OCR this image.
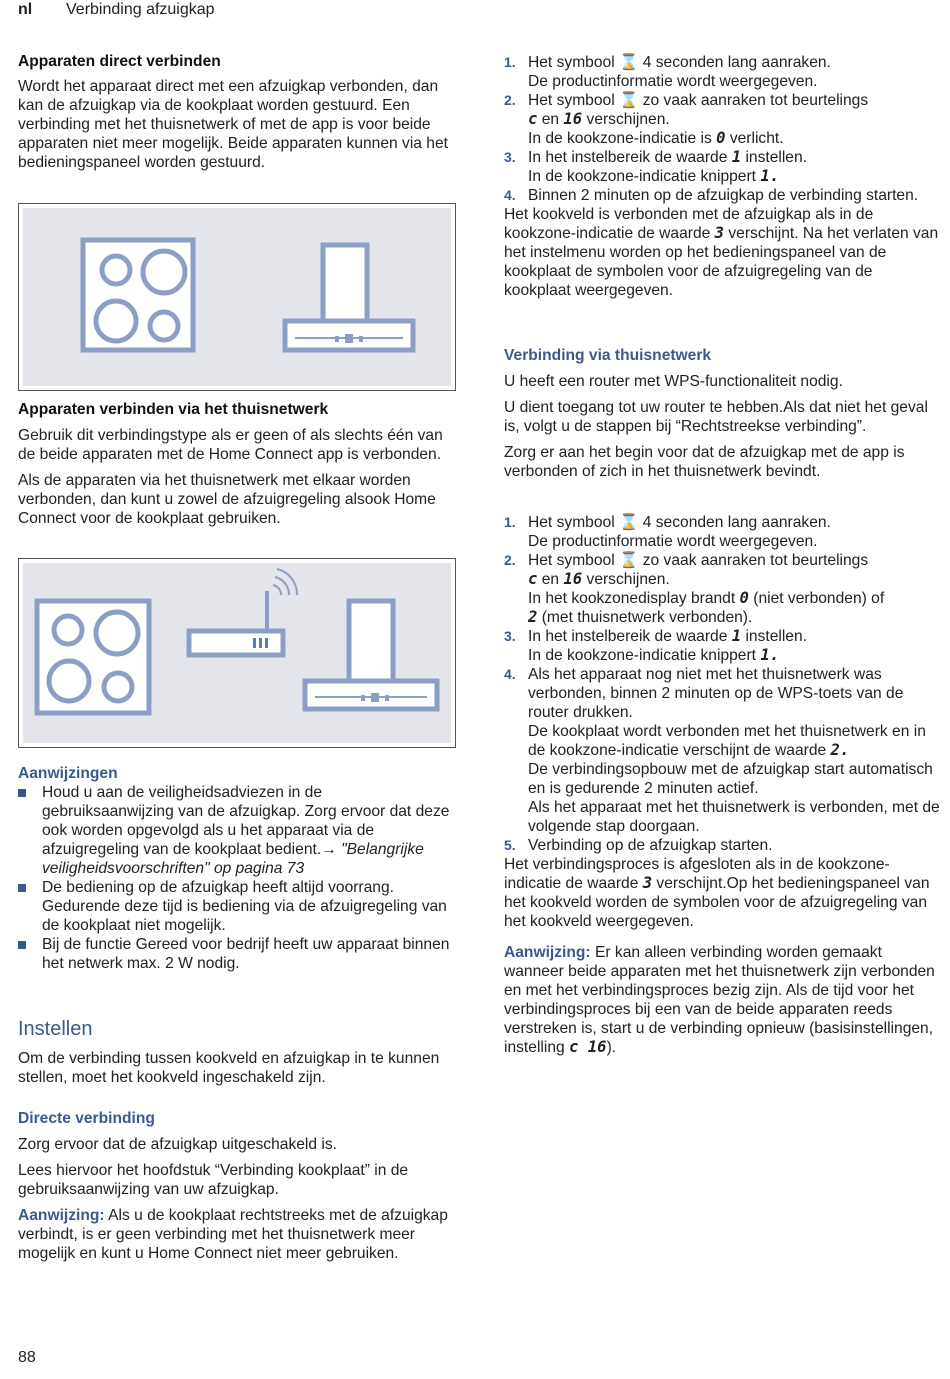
nl Verbinding afzuigkap
Apparaten direct verbinden

Wordt het apparaat direct met een afzuigkap verbonden, dan kan de afzuigkap via de kookplaat worden gestuurd. Een verbinding met het thuisnetwerk of met de app is voor beide apparaten niet meer mogelijk. Beide apparaten kunnen via het bedieningspaneel worden gestuurd.

Apparaten verbinden via het thuisnetwerk

Gebruik dit verbindingstype als er geen of als slechts één van de beide apparaten met de Home Connect app is verbonden.

Als de apparaten via het thuisnetwerk met elkaar worden verbonden, dan kunt u zowel de afzuigregeling alsook Home Connect voor de kookplaat gebruiken.

Aanwijzingen
Houd u aan de veiligheidsadviezen in de gebruiksaanwijzing van de afzuigkap. Zorg ervoor dat deze ook worden opgevolgd als u het apparaat via de afzuigregeling van de kookplaat bedient.→ "Belangrijke veiligheidsvoorschriften" op pagina 73
De bediening op de afzuigkap heeft altijd voorrang. Gedurende deze tijd is bediening via de afzuigregeling van de kookplaat niet mogelijk.
Bij de functie Gereed voor bedrijf heeft uw apparaat binnen het netwerk max. 2 W nodig.
Instellen

Om de verbinding tussen kookveld en afzuigkap in te kunnen stellen, moet het kookveld ingeschakeld zijn.

Directe verbinding

Zorg ervoor dat de afzuigkap uitgeschakeld is.

Lees hiervoor het hoofdstuk “Verbinding kookplaat” in de gebruiksaanwijzing van uw afzuigkap.

Aanwijzing: Als u de kookplaat rechtstreeks met de afzuigkap verbindt, is er geen verbinding met het thuisnetwerk meer mogelijk en kunt u Home Connect niet meer gebruiken.

1. Het symbool ⌛ 4 seconden lang aanraken.
De productinformatie wordt weergegeven.
2. Het symbool ⌛ zo vaak aanraken tot beurtelings
c en 16 verschijnen.
In de kookzone-indicatie is 0 verlicht.
3. In het instelbereik de waarde 1 instellen.
In de kookzone-indicatie knippert 1.
4. Binnen 2 minuten op de afzuigkap de verbinding starten.

Het kookveld is verbonden met de afzuigkap als in de kookzone-indicatie de waarde 3 verschijnt. Na het verlaten van het instelmenu worden op het bedieningspaneel van de kookplaat de symbolen voor de afzuigregeling van de kookplaat weergegeven.

Verbinding via thuisnetwerk

U heeft een router met WPS-functionaliteit nodig.

U dient toegang tot uw router te hebben.Als dat niet het geval is, volgt u de stappen bij “Rechtstreekse verbinding”.

Zorg er aan het begin voor dat de afzuigkap met de app is verbonden of zich in het thuisnetwerk bevindt.

1. Het symbool ⌛ 4 seconden lang aanraken.
De productinformatie wordt weergegeven.
2. Het symbool ⌛ zo vaak aanraken tot beurtelings
c en 16 verschijnen.
In het kookzonedisplay brandt 0 (niet verbonden) of
2 (met thuisnetwerk verbonden).
3. In het instelbereik de waarde 1 instellen.
In de kookzone-indicatie knippert 1.
4. Als het apparaat nog niet met het thuisnetwerk was verbonden, binnen 2 minuten op de WPS-toets van de router drukken.
De kookplaat wordt verbonden met het thuisnetwerk en in de kookzone-indicatie verschijnt de waarde 2.
De verbindingsopbouw met de afzuigkap start automatisch en is gedurende 2 minuten actief.
Als het apparaat met het thuisnetwerk is verbonden, met de volgende stap doorgaan.
5. Verbinding op de afzuigkap starten.

Het verbindingsproces is afgesloten als in de kookzone-indicatie de waarde 3 verschijnt.Op het bedieningspaneel van het kookveld worden de symbolen voor de afzuigregeling van het kookveld weergegeven.

Aanwijzing: Er kan alleen verbinding worden gemaakt wanneer beide apparaten met het thuisnetwerk zijn verbonden en met het verbindingsproces bezig zijn. Als de tijd voor het verbindingsproces bij een van de beide apparaten reeds verstreken is, start u de verbinding opnieuw (basisinstellingen, instelling c 16).

88
